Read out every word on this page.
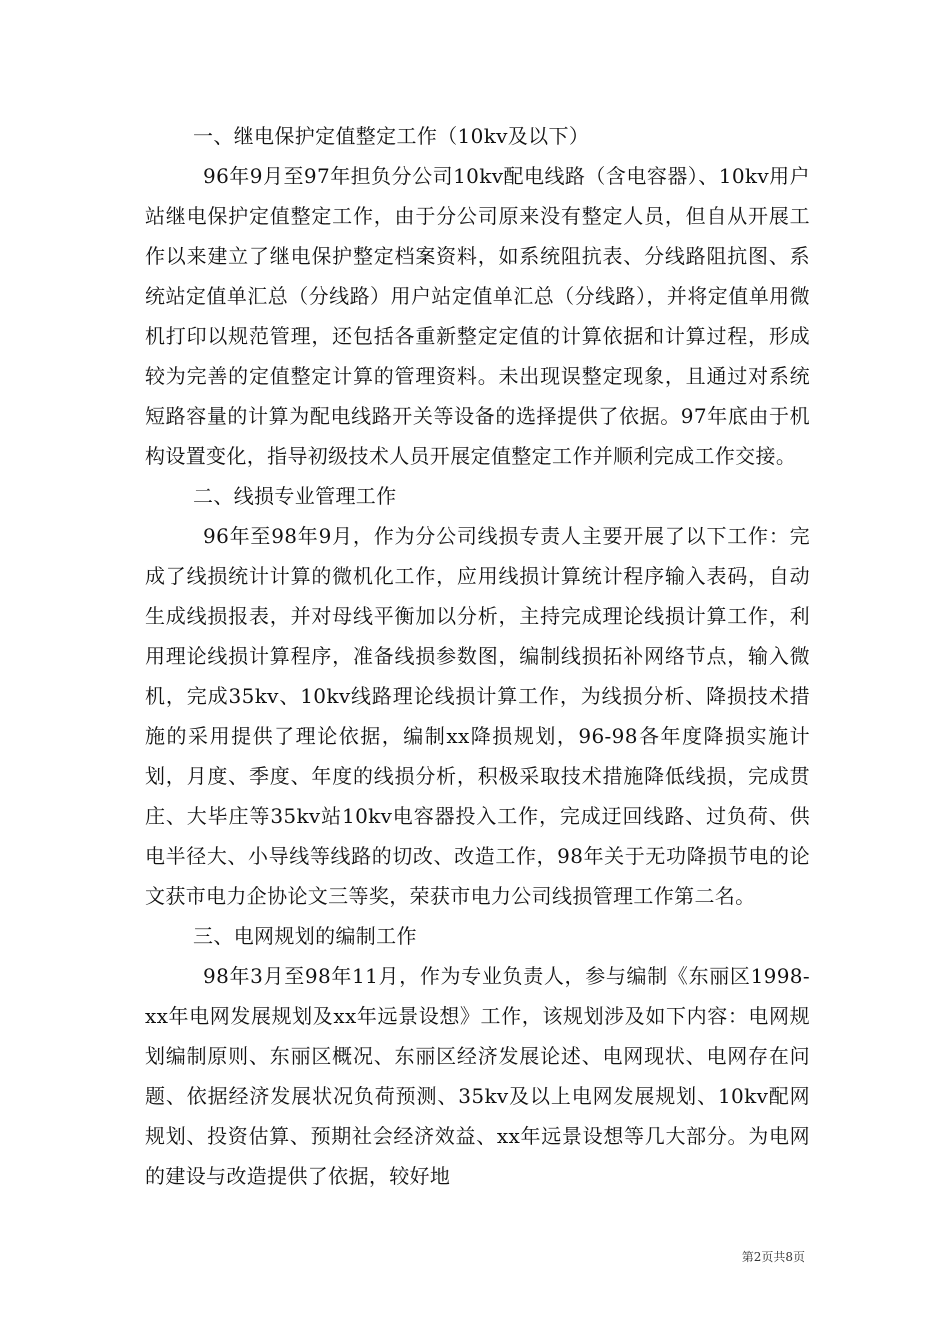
一、继电保护定值整定工作（10kv及以下）

96年9月至97年担负分公司10kv配电线路（含电容器）、10kv用户站继电保护定值整定工作，由于分公司原来没有整定人员，但自从开展工作以来建立了继电保护整定档案资料，如系统阻抗表、分线路阻抗图、系统站定值单汇总（分线路）用户站定值单汇总（分线路），并将定值单用微机打印以规范管理，还包括各重新整定定值的计算依据和计算过程，形成较为完善的定值整定计算的管理资料。未出现误整定现象，且通过对系统短路容量的计算为配电线路开关等设备的选择提供了依据。97年底由于机构设置变化，指导初级技术人员开展定值整定工作并顺利完成工作交接。

二、线损专业管理工作

96年至98年9月，作为分公司线损专责人主要开展了以下工作：完成了线损统计计算的微机化工作，应用线损计算统计程序输入表码，自动生成线损报表，并对母线平衡加以分析，主持完成理论线损计算工作，利用理论线损计算程序，准备线损参数图，编制线损拓补网络节点，输入微机，完成35kv、10kv线路理论线损计算工作，为线损分析、降损技术措施的采用提供了理论依据，编制xx降损规划，96-98各年度降损实施计划，月度、季度、年度的线损分析，积极采取技术措施降低线损，完成贯庄、大毕庄等35kv站10kv电容器投入工作，完成迂回线路、过负荷、供电半径大、小导线等线路的切改、改造工作，98年关于无功降损节电的论文获市电力企协论文三等奖，荣获市电力公司线损管理工作第二名。

三、电网规划的编制工作

98年3月至98年11月，作为专业负责人，参与编制《东丽区1998-xx年电网发展规划及xx年远景设想》工作，该规划涉及如下内容：电网规划编制原则、东丽区概况、东丽区经济发展论述、电网现状、电网存在问题、依据经济发展状况负荷预测、35kv及以上电网发展规划、10kv配网规划、投资估算、预期社会经济效益、xx年远景设想等几大部分。为电网的建设与改造提供了依据，较好地

第2页共8页
